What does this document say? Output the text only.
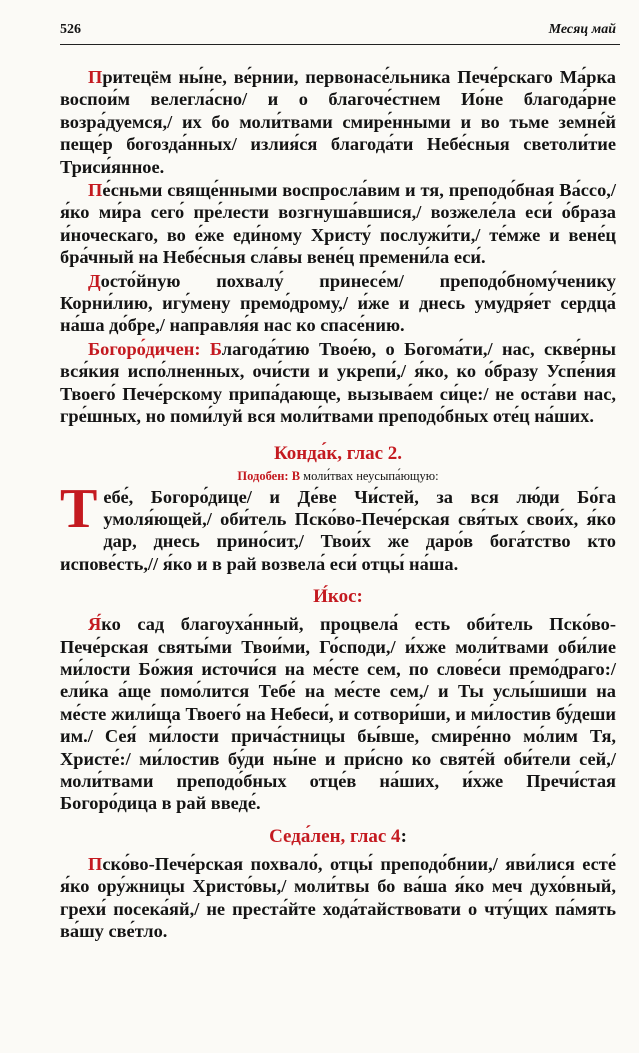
526	Месяц май

Притецём ны́не, ве́рнии, первонасе́льника Пече́рскаго Ма́рка воспои́м велегла́сно/ и о благоче́стнем Ио́не благода́рне возра́дуемся,/ их бо моли́твами смире́нными и во тьме земне́й пеще́р богозда́нных/ излия́ся благода́ти Небе́сныя светоли́тие Триси́янное.

Пе́сньми свяще́нными воспросла́вим и тя, преподо́бная Ва́ссо,/ я́ко ми́ра сего́ пре́лести возгнуша́вшися,/ возжеле́ла еси́ о́браза и́ноческаго, во е́же еди́ному Христу́ послужи́ти,/ те́мже и вене́ц бра́чный на Небе́сныя сла́вы вене́ц премени́ла еси́.

Досто́йную похвалу́ принесе́м/ преподо́бному́ченику Корни́лию, игу́мену премо́дрому,/ и́же и днесь умудря́ет сердца́ на́ша до́бре,/ направля́я нас ко спасе́нию.

Богоро́дичен: Благода́тию Твое́ю, о Богома́ти,/ нас, скве́рны вся́кия испо́лненных, очи́сти и укрепи́,/ я́ко, ко о́бразу Успе́ния Твоего́ Пече́рскому припа́дающе, вызыва́ем си́це:/ не оста́ви нас, гре́шных, но поми́луй вся моли́твами преподо́бных оте́ц на́ших.

Конда́к, глас 2.
Подобен: В моли́твах неусыпа́ющую:
Т ебе́, Богоро́дице/ и Де́ве Чи́стей, за вся лю́ди Бо́га умоля́ющей,/ оби́тель Пско́во-Пече́рская свя́тых свои́х, я́ко дар, днесь прино́сит,/ Твои́х же даро́в бога́тство кто испове́сть,// я́ко и в рай возвела́ еси́ отцы́ на́ша.

И́кос:

Я́ко сад благоуха́нный, процвела́ есть оби́тель Пско́во-Пече́рская святы́ми Твои́ми, Го́споди,/ и́хже моли́твами оби́лие ми́лости Бо́жия источи́ся на ме́сте сем, по слове́си премо́драго:/ ели́ка а́ще помо́лится Тебе́ на ме́сте сем,/ и Ты услы́шиши на ме́сте жили́ща Твоего́ на Небеси́, и сотвори́ши, и ми́лостив бу́деши им./ Сея́ ми́лости прича́стницы бы́вше, смире́нно мо́лим Тя, Христе́:/ ми́лостив бу́ди ны́не и при́сно ко святе́й оби́тели сей,/ моли́твами преподо́бных отце́в на́ших, и́хже Пречи́стая Богоро́дица в рай введе́.

Седа́лен, глас 4:

Пско́во-Пече́рская похвало́, отцы́ преподо́бнии,/ яви́лися есте́ я́ко ору́жницы Христо́вы,/ моли́твы бо ва́ша я́ко меч духо́вный, грехи́ посека́яй,/ не преста́йте хода́тайствовати о чту́щих па́мять ва́шу све́тло.
